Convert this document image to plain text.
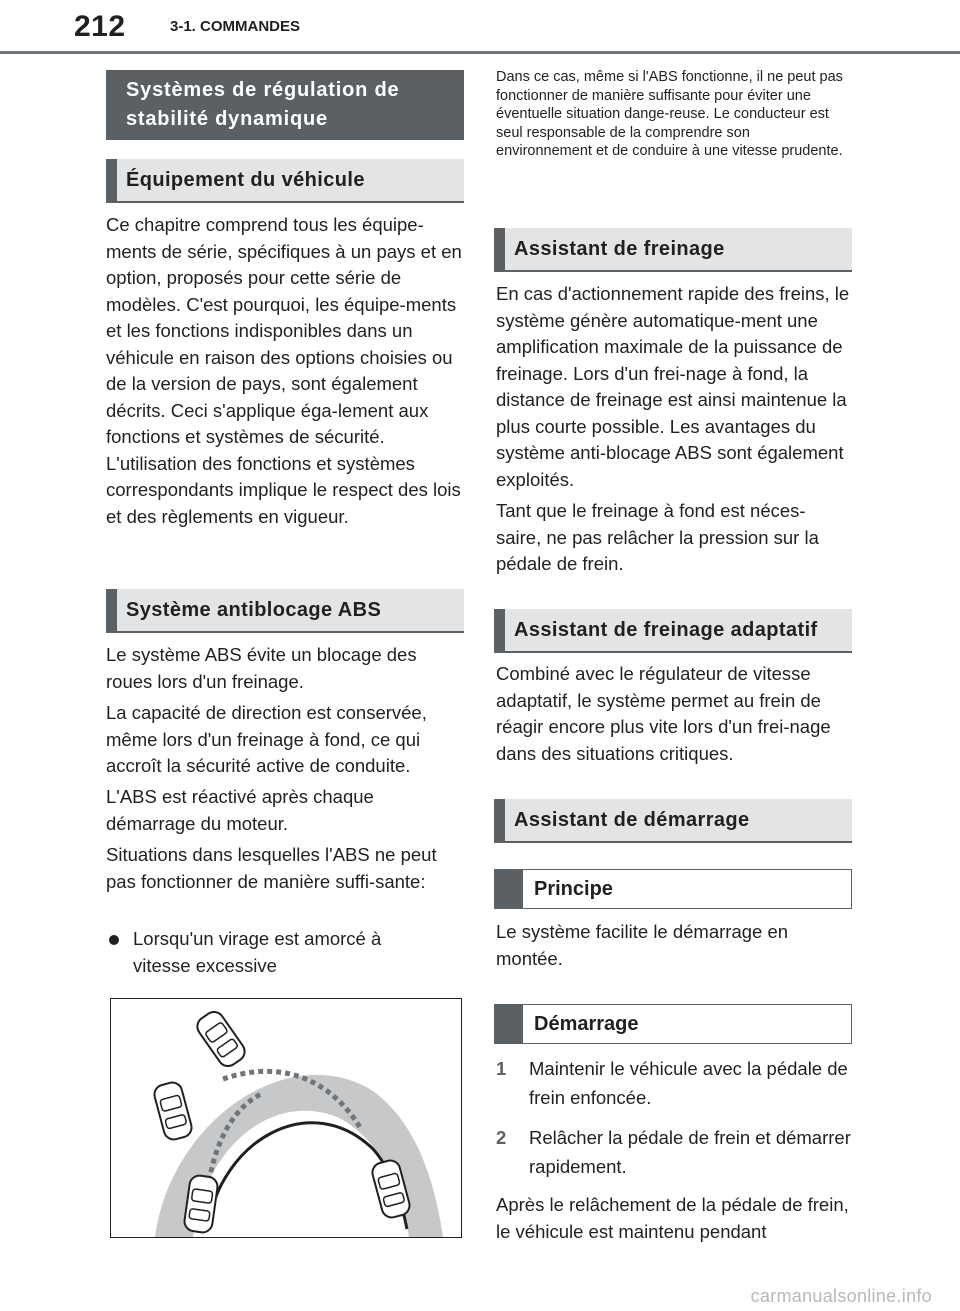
212	3-1. COMMANDES
Systèmes de régulation de stabilité dynamique
Équipement du véhicule

Ce chapitre comprend tous les équipe-ments de série, spécifiques à un pays et en option, proposés pour cette série de modèles. C'est pourquoi, les équipe-ments et les fonctions indisponibles dans un véhicule en raison des options choisies ou de la version de pays, sont également décrits. Ceci s'applique éga-lement aux fonctions et systèmes de sécurité. L'utilisation des fonctions et systèmes correspondants implique le respect des lois et des règlements en vigueur.

Système antiblocage ABS

Le système ABS évite un blocage des roues lors d'un freinage.

La capacité de direction est conservée, même lors d'un freinage à fond, ce qui accroît la sécurité active de conduite.

L'ABS est réactivé après chaque démarrage du moteur.

Situations dans lesquelles l'ABS ne peut pas fonctionner de manière suffi-sante:

Lorsqu'un virage est amorcé à vitesse excessive

Dans ce cas, même si l'ABS fonctionne, il ne peut pas fonctionner de manière suffisante pour éviter une éventuelle situation dange-reuse. Le conducteur est seul responsable de la comprendre son environnement et de conduire à une vitesse prudente.

Assistant de freinage

En cas d'actionnement rapide des freins, le système génère automatique-ment une amplification maximale de la puissance de freinage. Lors d'un frei-nage à fond, la distance de freinage est ainsi maintenue la plus courte possible. Les avantages du système anti-blocage ABS sont également exploités.

Tant que le freinage à fond est néces-saire, ne pas relâcher la pression sur la pédale de frein.

Assistant de freinage adaptatif

Combiné avec le régulateur de vitesse adaptatif, le système permet au frein de réagir encore plus vite lors d'un frei-nage dans des situations critiques.

Assistant de démarrage
Principe

Le système facilite le démarrage en montée.

Démarrage
1 Maintenir le véhicule avec la pédale de frein enfoncée.
2 Relâcher la pédale de frein et démarrer rapidement.

Après le relâchement de la pédale de frein, le véhicule est maintenu pendant

carmanualsonline.info
